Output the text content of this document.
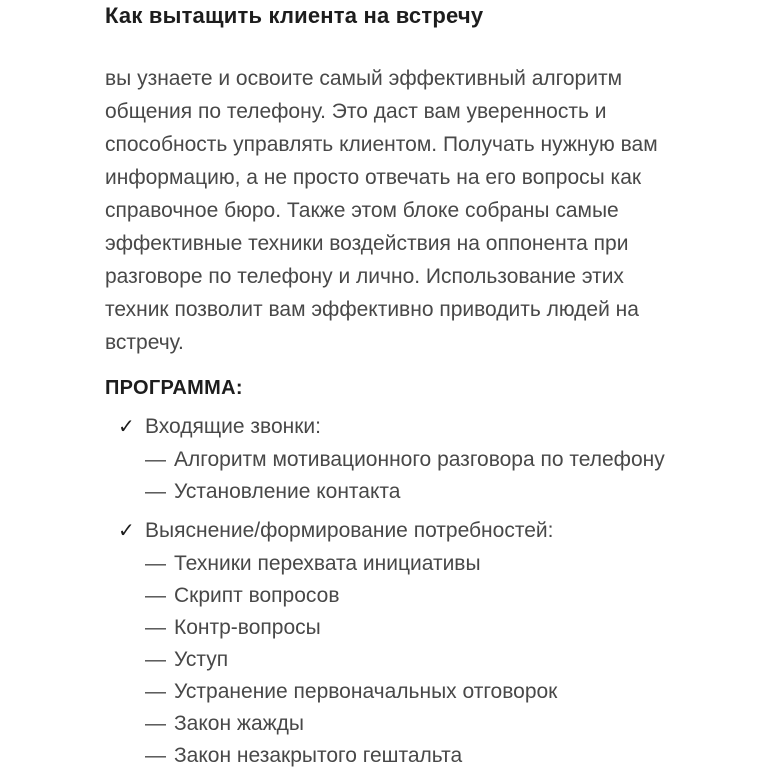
Как вытащить клиента на встречу

вы узнаете и освоите самый эффективный алгоритм общения по телефону. Это даст вам уверенность и способность управлять клиентом. Получать нужную вам информацию, а не просто отвечать на его вопросы как справочное бюро. Также этом блоке собраны самые эффективные техники воздействия на оппонента при разговоре по телефону и лично. Использование этих техник позволит вам эффективно приводить людей на встречу.

ПРОГРАММА:
✓ Входящие звонки:
— Алгоритм мотивационного разговора по телефону
— Установление контакта
✓ Выяснение/формирование потребностей:
— Техники перехвата инициативы
— Скрипт вопросов
— Контр-вопросы
— Уступ
— Устранение первоначальных отговорок
— Закон жажды
— Закон незакрытого гештальта
